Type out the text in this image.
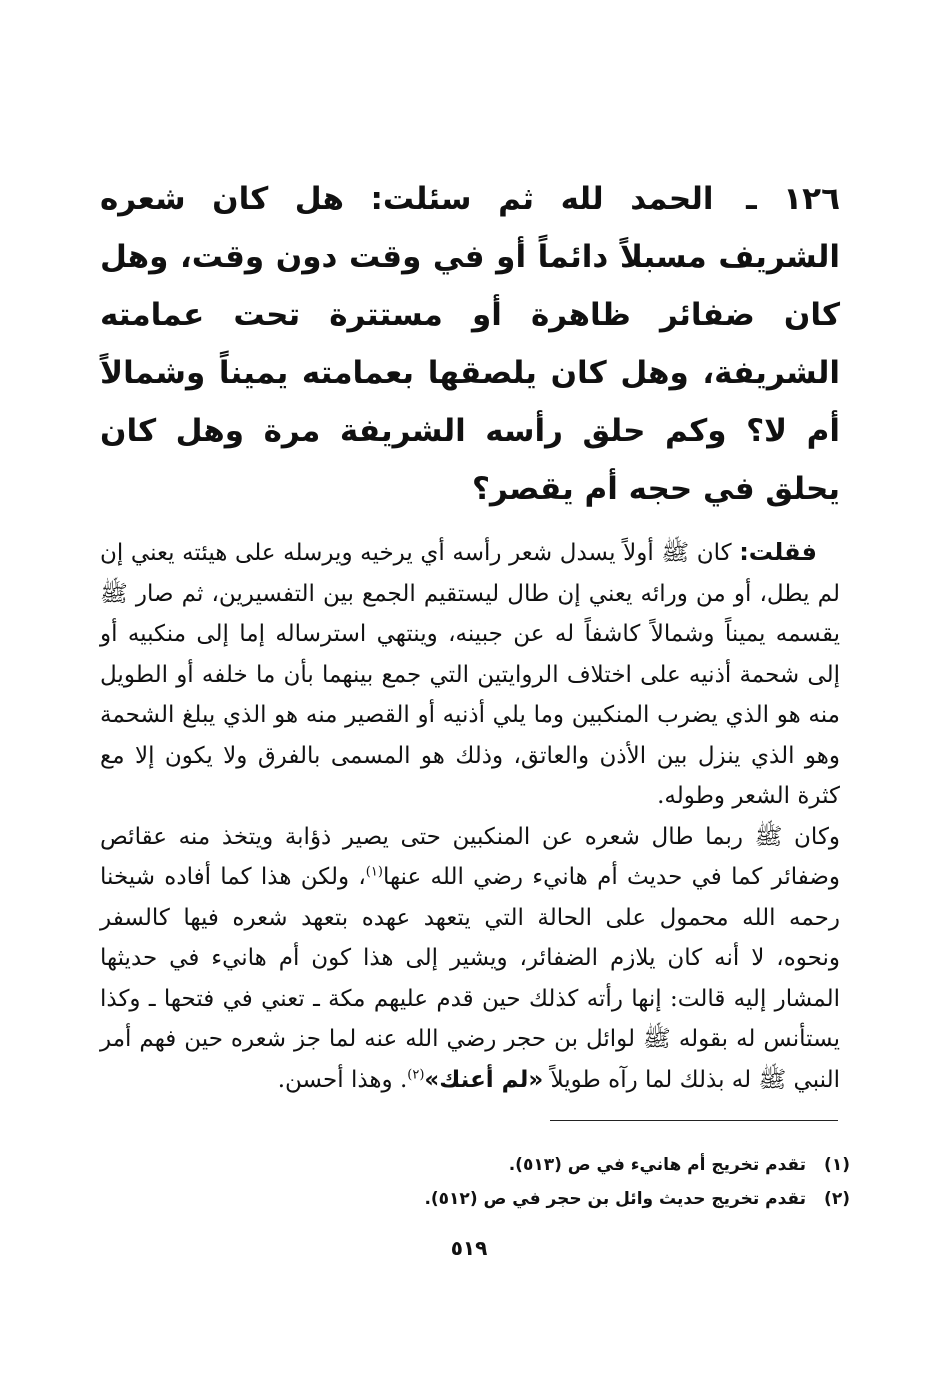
١٢٦ ـ الحمد لله ثم سئلت: هل كان شعره الشريف مسبلاً دائماً أو في وقت دون وقت، وهل كان ضفائر ظاهرة أو مستترة تحت عمامته الشريفة، وهل كان يلصقها بعمامته يميناً وشمالاً أم لا؟ وكم حلق رأسه الشريفة مرة وهل كان يحلق في حجه أم يقصر؟

 فقلت: كان ﷺ أولاً يسدل شعر رأسه أي يرخيه ويرسله على هيئته يعني إن لم يطل، أو من ورائه يعني إن طال ليستقيم الجمع بين التفسيرين، ثم صار ﷺ يقسمه يميناً وشمالاً كاشفاً له عن جبينه، وينتهي استرساله إما إلى منكبيه أو إلى شحمة أذنيه على اختلاف الروايتين التي جمع بينهما بأن ما خلفه أو الطويل منه هو الذي يضرب المنكبين وما يلي أذنيه أو القصير منه هو الذي يبلغ الشحمة وهو الذي ينزل بين الأذن والعاتق، وذلك هو المسمى بالفرق ولا يكون إلا مع كثرة الشعر وطوله.

وكان ﷺ ربما طال شعره عن المنكبين حتى يصير ذؤابة ويتخذ منه عقائص وضفائر كما في حديث أم هانيء رضي الله عنها$^{(١)}$، ولكن هذا كما أفاده شيخنا رحمه الله محمول على الحالة التي يتعهد عهده بتعهد شعره فيها كالسفر ونحوه، لا أنه كان يلازم الضفائر، ويشير إلى هذا كون أم هانيء في حديثها المشار إليه قالت: إنها رأته كذلك حين قدم عليهم مكة ـ تعني في فتحها ـ وكذا يستأنس له بقوله ﷺ لوائل بن حجر رضي الله عنه لما جز شعره حين فهم أمر النبي ﷺ له بذلك لما رآه طويلاً «لم أعنك»$^{(٢)}$. وهذا أحسن.

(١)تقدم تخريج أم هانيء في ص (٥١٣).
(٢)تقدم تخريج حديث وائل بن حجر في ص (٥١٢).
٥١٩
